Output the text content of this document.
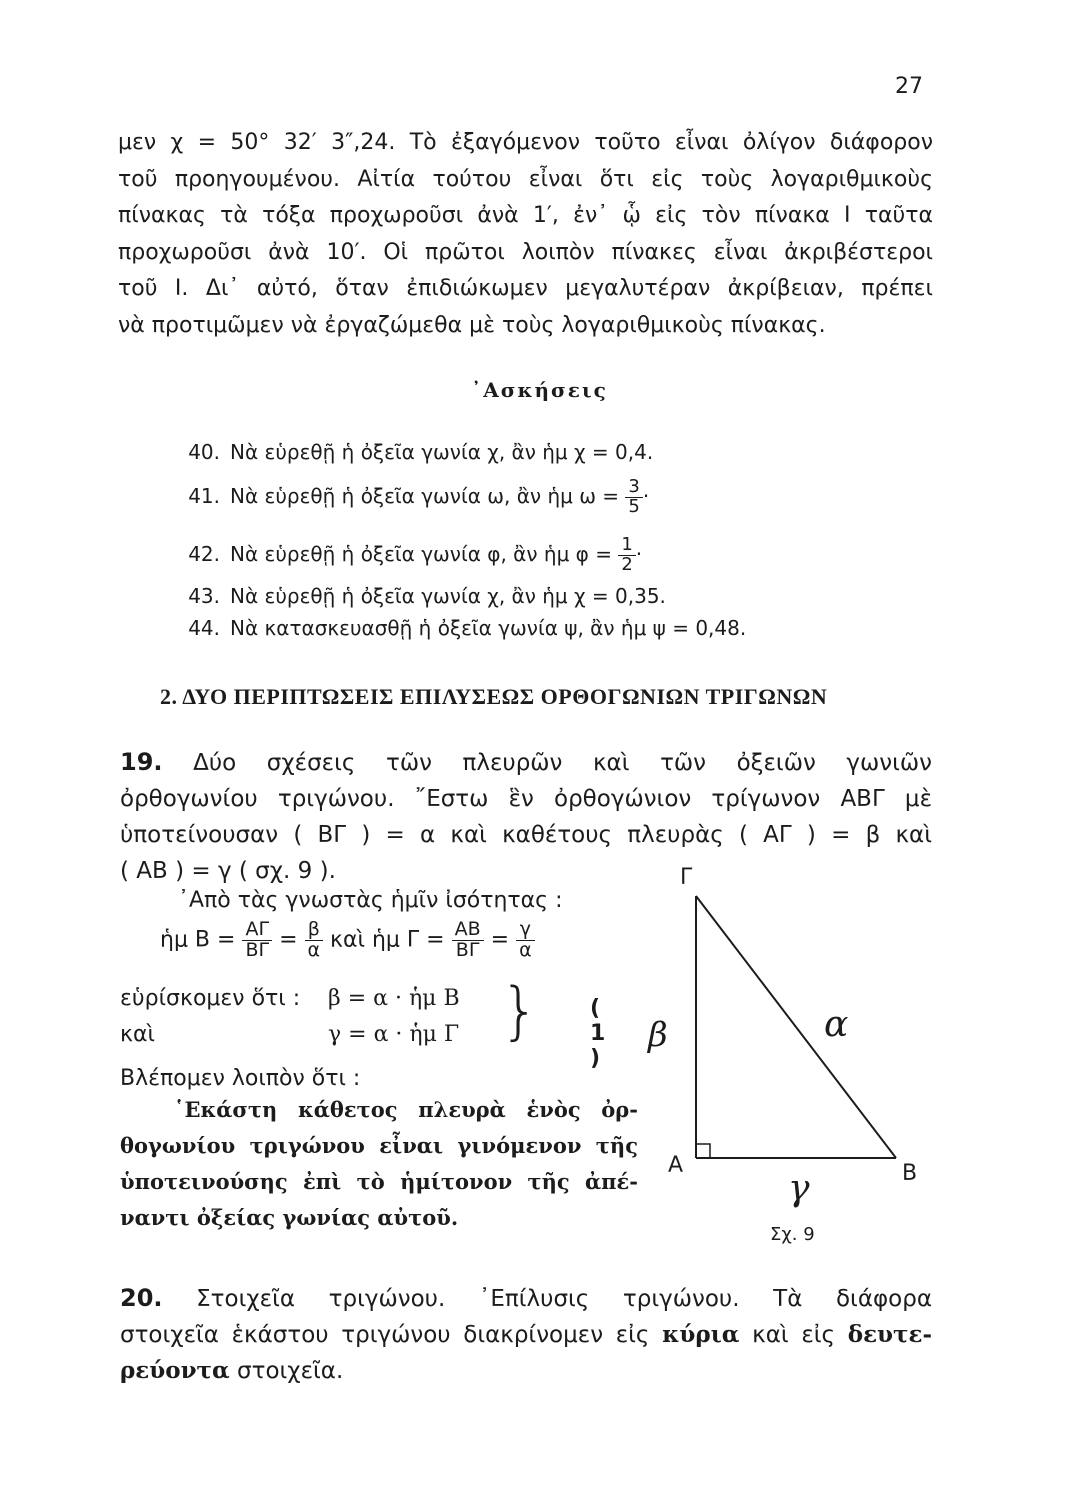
27
μεν χ = 50° 32′ 3″,24. Τὸ ἐξαγόμενον τοῦτο εἶναι ὀλίγον διάφορον
τοῦ προηγουμένου. Αἰτία τούτου εἶναι ὅτι εἰς τοὺς λογαριθμικοὺς
πίνακας τὰ τόξα προχωροῦσι ἀνὰ 1′, ἐν᾽ ᾧ εἰς τὸν πίνακα Ι ταῦτα
προχωροῦσι ἀνὰ 10′. Οἱ πρῶτοι λοιπὸν πίνακες εἶναι ἀκριβέστεροι
τοῦ Ι. Δι᾽ αὐτό, ὅταν ἐπιδιώκωμεν μεγαλυτέραν ἀκρίβειαν, πρέπει
νὰ προτιμῶμεν νὰ ἐργαζώμεθα μὲ τοὺς λογαριθμικοὺς πίνακας.
᾿Ασκήσεις
40. Νὰ εὑρεθῇ ἡ ὀξεῖα γωνία χ, ἂν ἡμ χ = 0,4.
41. Νὰ εὑρεθῇ ἡ ὀξεῖα γωνία ω, ἂν ἡμ $\omega = \frac{3}{5}$ ·
42. Νὰ εὑρεθῇ ἡ ὀξεῖα γωνία φ, ἂν ἡμ $\varphi = \frac{1}{2}$ ·
43. Νὰ εὑρεθῇ ἡ ὀξεῖα γωνία χ, ἂν ἡμ χ = 0,35.
44. Νὰ κατασκευασθῇ ἡ ὀξεῖα γωνία ψ, ἂν ἡμ ψ = 0,48.
2. ΔΥΟ ΠΕΡΙΠΤΩΣΕΙΣ ΕΠΙΛΥΣΕΩΣ ΟΡΘΟΓΩΝΙΩΝ ΤΡΙΓΩΝΩΝ
19. Δύο σχέσεις τῶν πλευρῶν καὶ τῶν ὀξειῶν γωνιῶν
ὀρθογωνίου τριγώνου. ῎Εστω ἓν ὀρθογώνιον τρίγωνον ΑΒΓ μὲ
ὑποτείνουσαν ( ΒΓ ) = α καὶ καθέτους πλευρὰς ( ΑΓ ) = β καὶ
( ΑΒ ) = γ ( σχ. 9 ).
᾿Απὸ τὰς γνωστὰς ἡμῖν ἰσότητας :
ἡμ $B = \frac{A\Gamma}{B\Gamma} = \frac{\beta}{\alpha}$ καὶ ἡμ $\Gamma = \frac{AB}{B\Gamma} = \frac{\gamma}{\alpha}$
εὑρίσκομεν ὅτι : β = α · ἡμ Β
καὶ	γ = α · ἡμ Γ } ( 1 )
Βλέπομεν λοιπὸν ὅτι :
῾Εκάστη κάθετος πλευρὰ ἑνὸς ὀρ-
θογωνίου τριγώνου εἶναι γινόμενον τῆς
ὑποτεινούσης ἐπὶ τὸ ἡμίτονον τῆς ἀπέ-
ναντι ὀξείας γωνίας αὐτοῦ.
Γ
Α	Β
α
β
γ
Σχ. 9
20. Στοιχεῖα τριγώνου. ᾿Επίλυσις τριγώνου. Τὰ διάφορα
στοιχεῖα ἑκάστου τριγώνου διακρίνομεν εἰς κύρια καὶ εἰς δευτε-
ρεύοντα στοιχεῖα.
